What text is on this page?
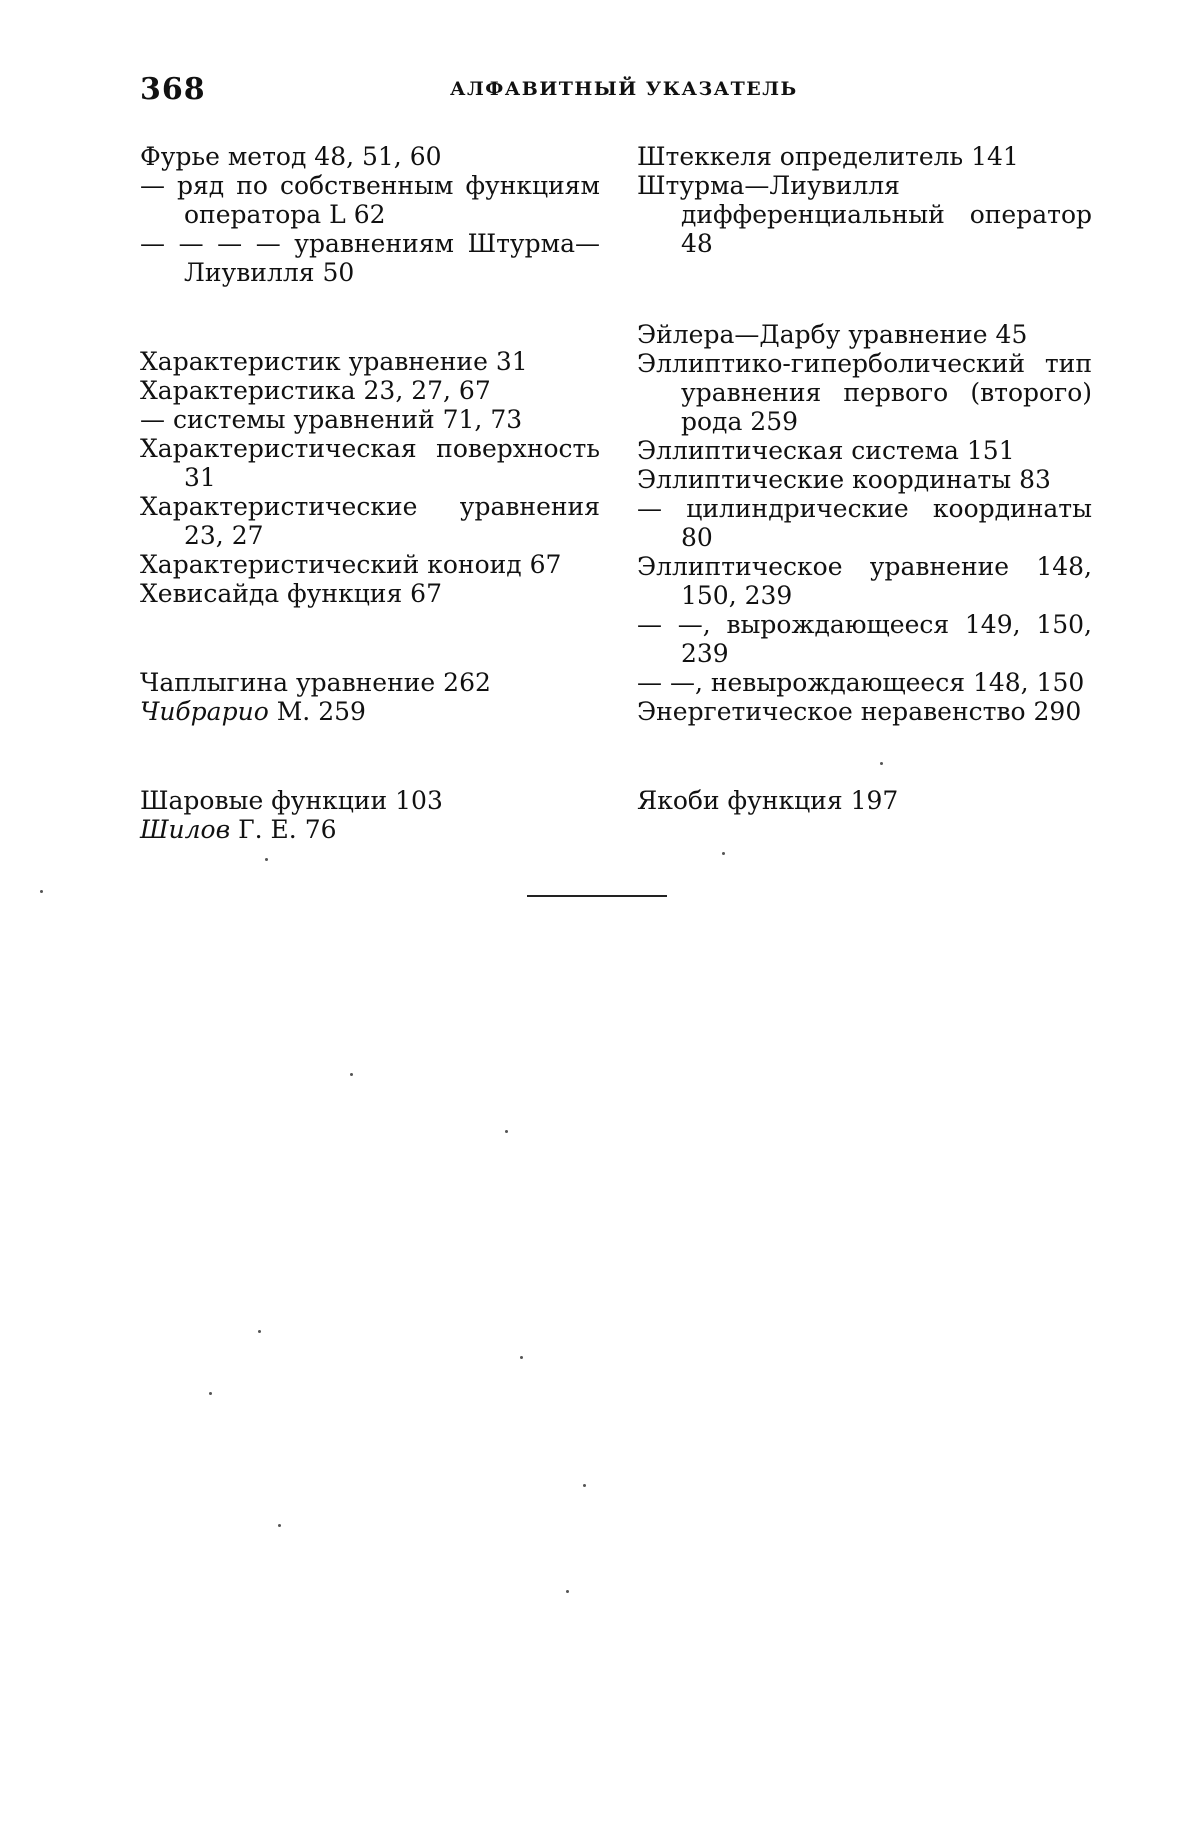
368	АЛФАВИТНЫЙ УКАЗАТЕЛЬ

Фурье метод 48, 51, 60

— ряд по собственным функциям оператора L 62

— — — — уравнениям Штурма—Лиувилля 50

Характеристик уравнение 31

Характеристика 23, 27, 67

— системы уравнений 71, 73

Характеристическая поверхность 31

Характеристические уравнения 23, 27

Характеристический коноид 67

Хевисайда функция 67

Чаплыгина уравнение 262

Чибрарио М. 259

Шаровые функции 103

Шилов Г. Е. 76

Штеккеля определитель 141

Штурма—Лиувилля дифференциальный оператор 48

Эйлера—Дарбу уравнение 45

Эллиптико-гиперболический тип уравнения первого (второго) рода 259

Эллиптическая система 151

Эллиптические координаты 83

— цилиндрические координаты 80

Эллиптическое уравнение 148, 150, 239

— —, вырождающееся 149, 150, 239

— —, невырождающееся 148, 150

Энергетическое неравенство 290

Якоби функция 197
